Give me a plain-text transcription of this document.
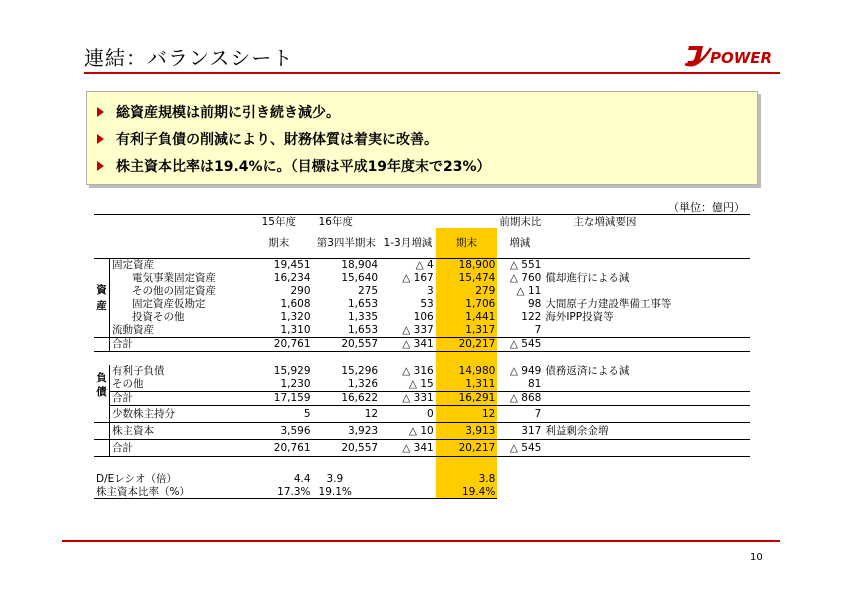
連結：バランスシート	POWER
総資産規模は前期に引き続き減少。
有利子負債の削減により、財務体質は着実に改善。
株主資本比率は19.4%に。（目標は平成19年度末で23%）
（単位：億円）
		15年度	16年度			前期末比	主な増減要因
		期末	第3四半期末	1-3月増減	期末	増減	
資産	固定資産	19,451	18,904	△ 4	18,900	△ 551	
	電気事業固定資産	16,234	15,640	△ 167	15,474	△ 760	償却進行による減
	その他の固定資産	290	275	3	279	△ 11	
	固定資産仮勘定	1,608	1,653	53	1,706	98	大間原子力建設準備工事等
	投資その他	1,320	1,335	106	1,441	122	海外IPP投資等
	流動資産	1,310	1,653	△ 337	1,317	7	
	合計	20,761	20,557	△ 341	20,217	△ 545	

負債	有利子負債	15,929	15,296	△ 316	14,980	△ 949	債務返済による減
	その他	1,230	1,326	△ 15	1,311	81	
	合計	17,159	16,622	△ 331	16,291	△ 868	
	少数株主持分	5	12	0	12	7	
	株主資本	3,596	3,923	△ 10	3,913	317	利益剰余金増
	合計	20,761	20,557	△ 341	20,217	△ 545	

D/Eレシオ（倍）		4.4	3.9		3.8		
株主資本比率（%）		17.3%	19.1%		19.4%		
10
